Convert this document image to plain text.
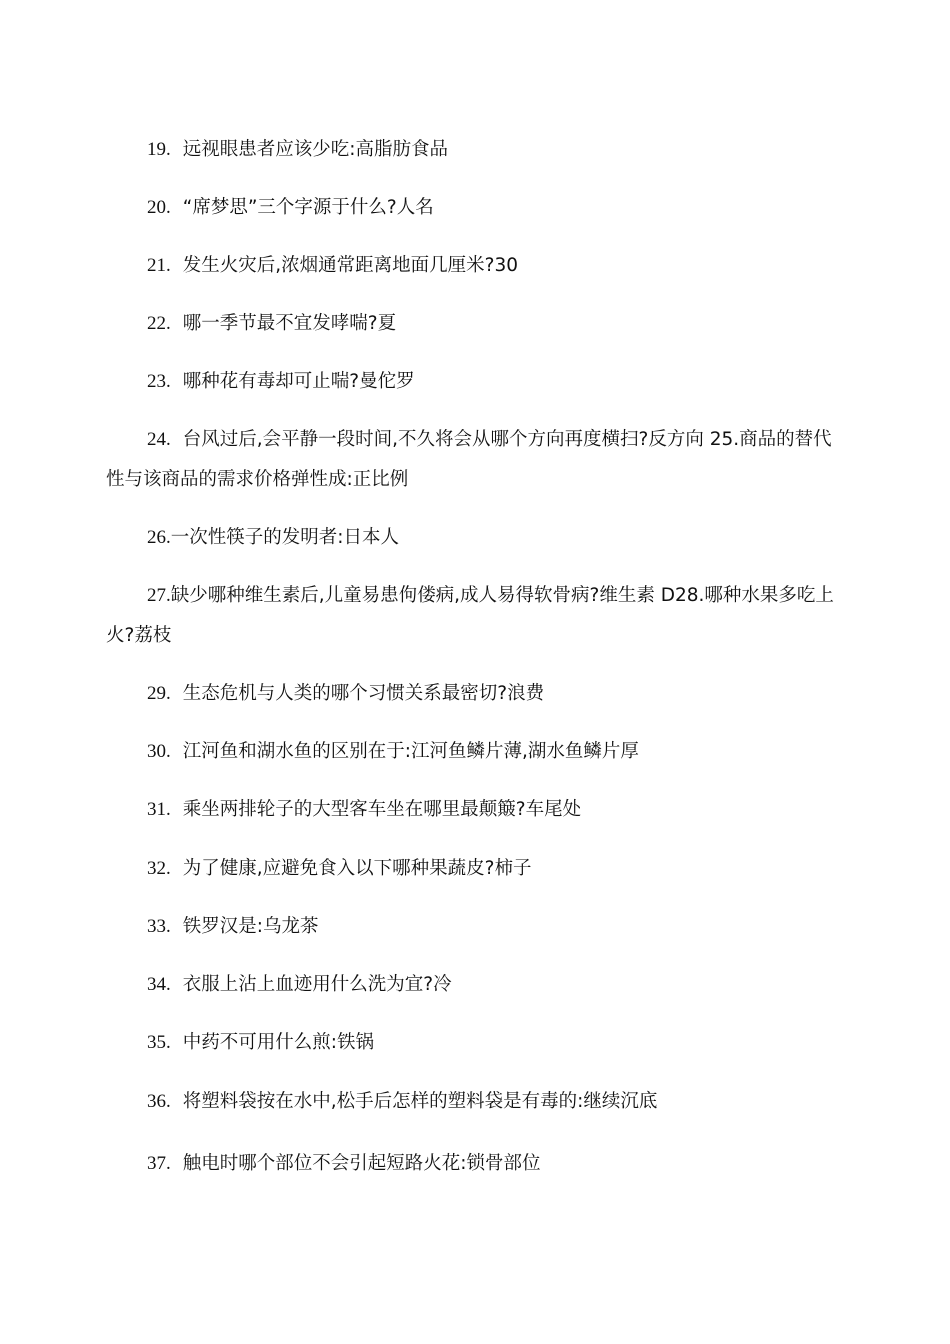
19. 远视眼患者应该少吃:高脂肪食品

20. “席梦思”三个字源于什么?人名

21. 发生火灾后,浓烟通常距离地面几厘米?30

22. 哪一季节最不宜发哮喘?夏

23. 哪种花有毒却可止喘?曼佗罗

24. 台风过后,会平静一段时间,不久将会从哪个方向再度横扫?反方向 25.商品的替代性与该商品的需求价格弹性成:正比例

26.一次性筷子的发明者:日本人

27.缺少哪种维生素后,儿童易患佝偻病,成人易得软骨病?维生素 D28.哪种水果多吃上火?荔枝

29. 生态危机与人类的哪个习惯关系最密切?浪费

30. 江河鱼和湖水鱼的区别在于:江河鱼鳞片薄,湖水鱼鳞片厚

31. 乘坐两排轮子的大型客车坐在哪里最颠簸?车尾处

32. 为了健康,应避免食入以下哪种果蔬皮?柿子

33. 铁罗汉是:乌龙茶

34. 衣服上沾上血迹用什么洗为宜?冷

35. 中药不可用什么煎:铁锅

36. 将塑料袋按在水中,松手后怎样的塑料袋是有毒的:继续沉底

37. 触电时哪个部位不会引起短路火花:锁骨部位
